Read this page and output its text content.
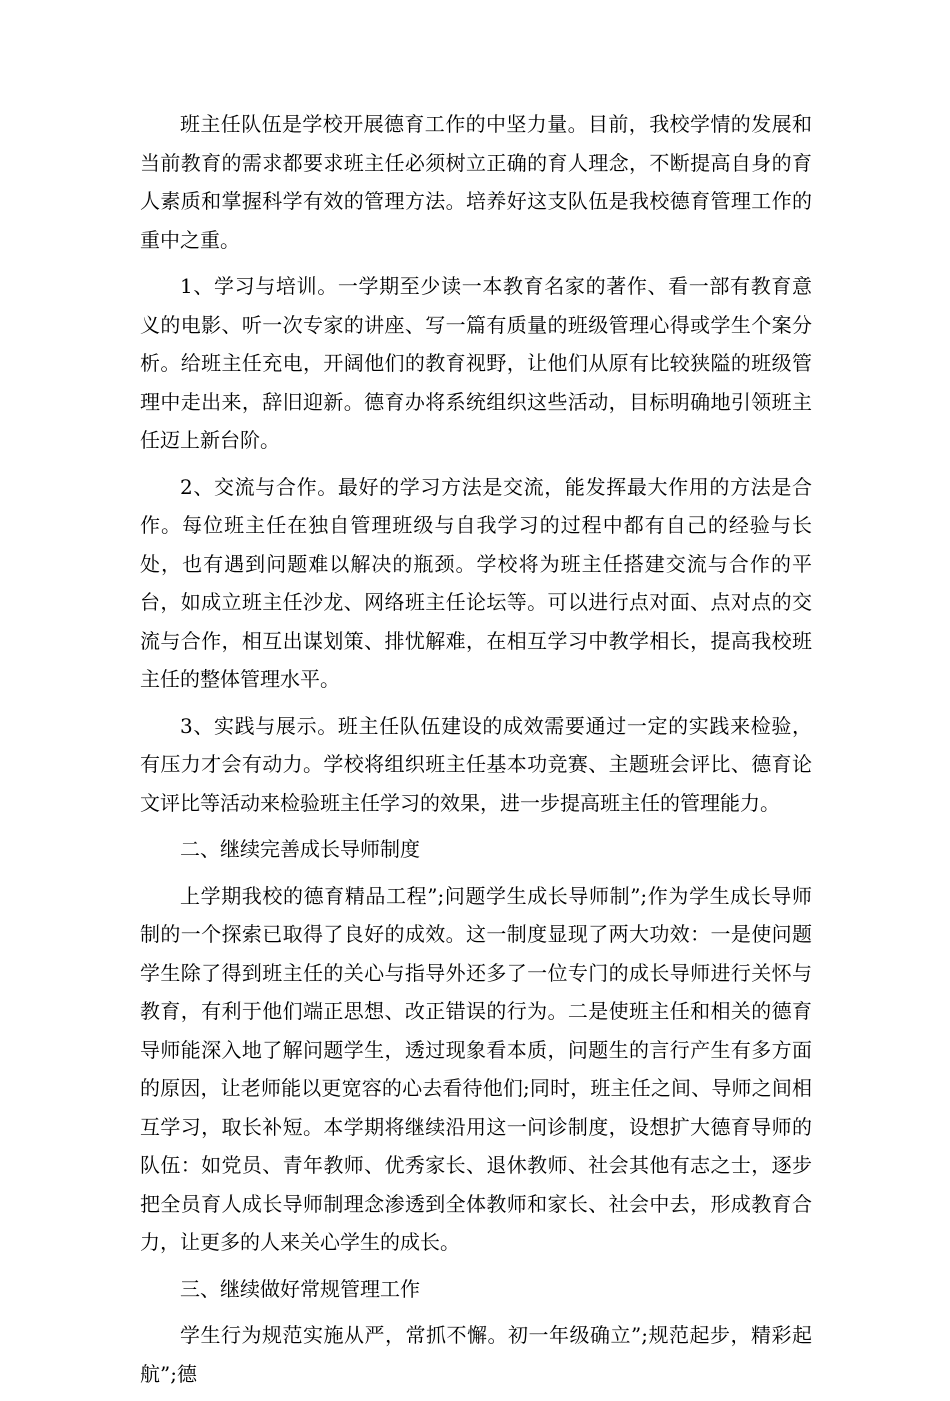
班主任队伍是学校开展德育工作的中坚力量。目前，我校学情的发展和当前教育的需求都要求班主任必须树立正确的育人理念，不断提高自身的育人素质和掌握科学有效的管理方法。培养好这支队伍是我校德育管理工作的重中之重。

1、学习与培训。一学期至少读一本教育名家的著作、看一部有教育意义的电影、听一次专家的讲座、写一篇有质量的班级管理心得或学生个案分析。给班主任充电，开阔他们的教育视野，让他们从原有比较狭隘的班级管理中走出来，辞旧迎新。德育办将系统组织这些活动，目标明确地引领班主任迈上新台阶。

2、交流与合作。最好的学习方法是交流，能发挥最大作用的方法是合作。每位班主任在独自管理班级与自我学习的过程中都有自己的经验与长处，也有遇到问题难以解决的瓶颈。学校将为班主任搭建交流与合作的平台，如成立班主任沙龙、网络班主任论坛等。可以进行点对面、点对点的交流与合作，相互出谋划策、排忧解难，在相互学习中教学相长，提高我校班主任的整体管理水平。

3、实践与展示。班主任队伍建设的成效需要通过一定的实践来检验，有压力才会有动力。学校将组织班主任基本功竞赛、主题班会评比、德育论文评比等活动来检验班主任学习的效果，进一步提高班主任的管理能力。

二、继续完善成长导师制度

上学期我校的德育精品工程”;问题学生成长导师制”;作为学生成长导师制的一个探索已取得了良好的成效。这一制度显现了两大功效：一是使问题学生除了得到班主任的关心与指导外还多了一位专门的成长导师进行关怀与教育，有利于他们端正思想、改正错误的行为。二是使班主任和相关的德育导师能深入地了解问题学生，透过现象看本质，问题生的言行产生有多方面的原因，让老师能以更宽容的心去看待他们;同时，班主任之间、导师之间相互学习，取长补短。本学期将继续沿用这一问诊制度，设想扩大德育导师的队伍：如党员、青年教师、优秀家长、退休教师、社会其他有志之士，逐步把全员育人成长导师制理念渗透到全体教师和家长、社会中去，形成教育合力，让更多的人来关心学生的成长。

三、继续做好常规管理工作

学生行为规范实施从严，常抓不懈。初一年级确立”;规范起步，精彩起航”;德
